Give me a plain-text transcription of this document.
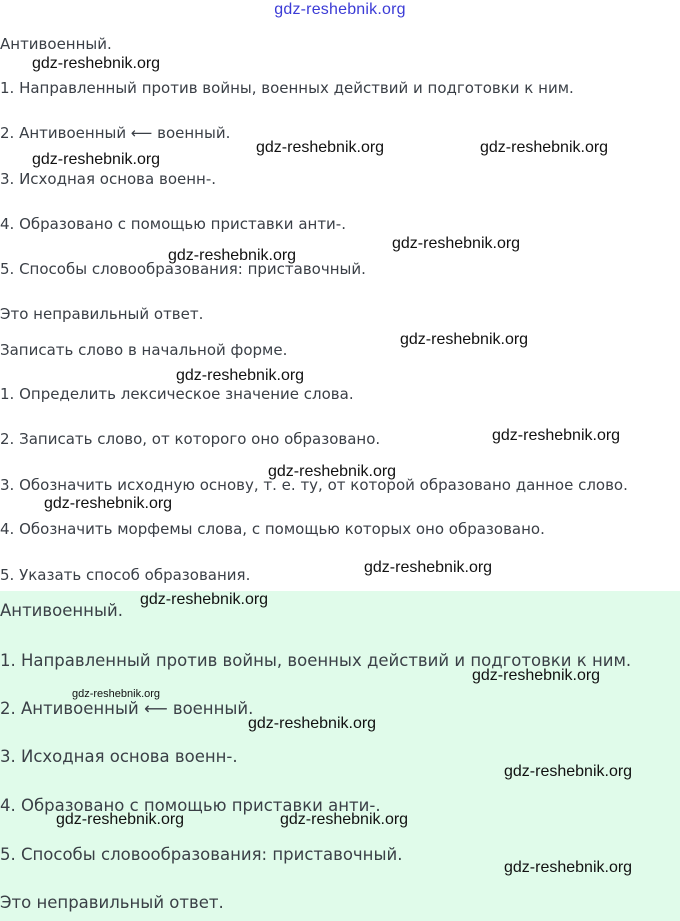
gdz-reshebnik.org
Антивоенный.
1. Направленный против войны, военных действий и подготовки к ним.
2. Антивоенный ⟵ военный.
3. Исходная основа военн-.
4. Образовано с помощью приставки анти-.
5. Способы словообразования: приставочный.
Это неправильный ответ.
Записать слово в начальной форме.
1. Определить лексическое значение слова.
2. Записать слово, от которого оно образовано.
3. Обозначить исходную основу, т. е. ту, от которой образовано данное слово.
4. Обозначить морфемы слова, с помощью которых оно образовано.
5. Указать способ образования.
Антивоенный.
1. Направленный против войны, военных действий и подготовки к ним.
2. Антивоенный ⟵ военный.
3. Исходная основа военн-.
4. Образовано с помощью приставки анти-.
5. Способы словообразования: приставочный.
Это неправильный ответ.
gdz-reshebnik.org
gdz-reshebnik.org
gdz-reshebnik.org	gdz-reshebnik.org
gdz-reshebnik.org
gdz-reshebnik.org
gdz-reshebnik.org
gdz-reshebnik.org
gdz-reshebnik.org
gdz-reshebnik.org
gdz-reshebnik.org
gdz-reshebnik.org
gdz-reshebnik.org
gdz-reshebnik.org
gdz-reshebnik.org
gdz-reshebnik.org
gdz-reshebnik.org
gdz-reshebnik.org	gdz-reshebnik.org
gdz-reshebnik.org
